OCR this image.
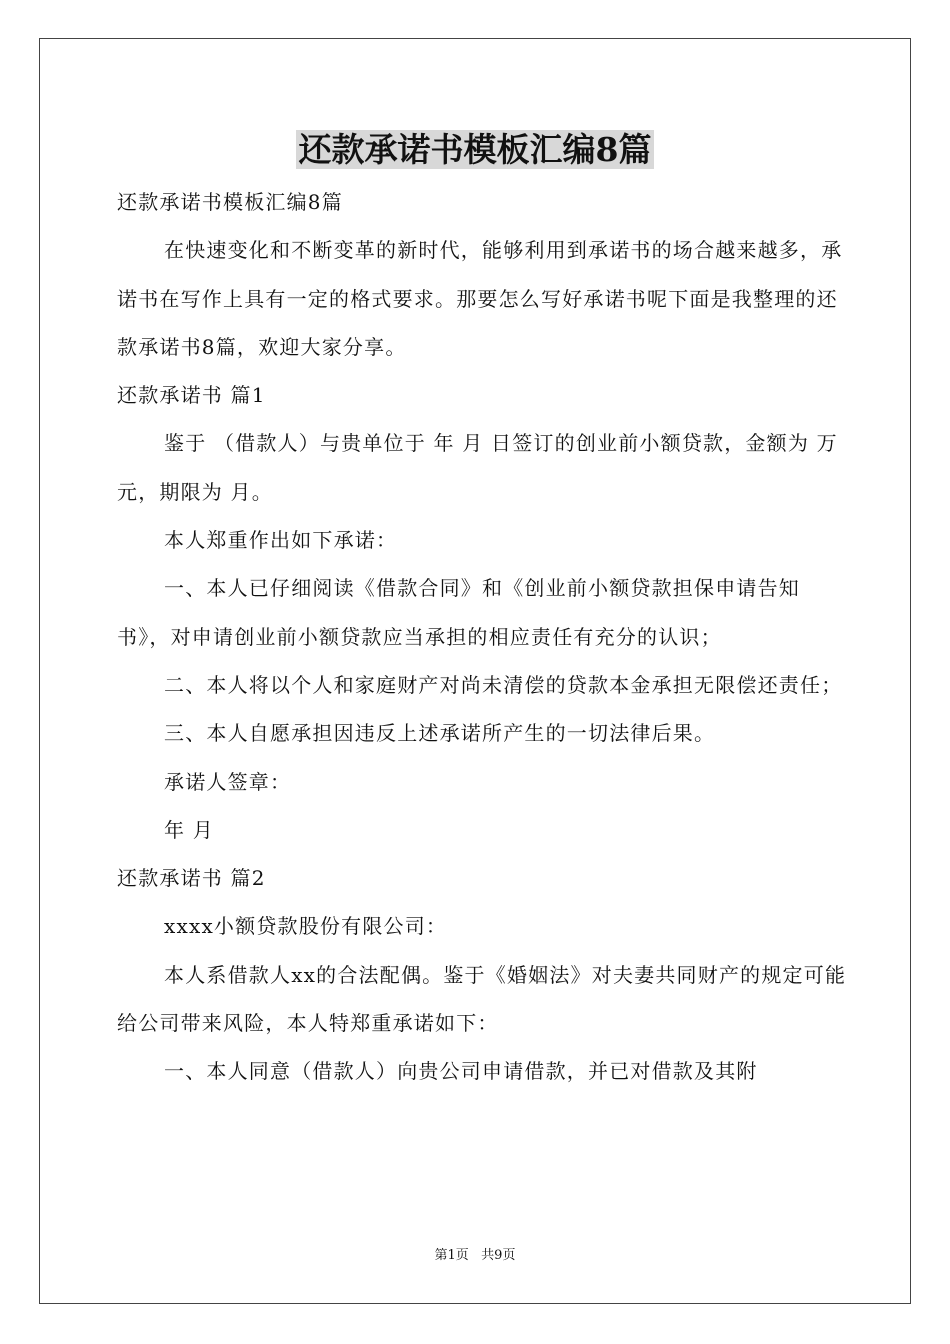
还款承诺书模板汇编8篇

还款承诺书模板汇编8篇

在快速变化和不断变革的新时代，能够利用到承诺书的场合越来越多，承诺书在写作上具有一定的格式要求。那要怎么写好承诺书呢下面是我整理的还款承诺书8篇，欢迎大家分享。

还款承诺书 篇1

鉴于 （借款人）与贵单位于 年 月 日签订的创业前小额贷款，金额为 万元，期限为 月。

本人郑重作出如下承诺：

一、本人已仔细阅读《借款合同》和《创业前小额贷款担保申请告知书》，对申请创业前小额贷款应当承担的相应责任有充分的认识；

二、本人将以个人和家庭财产对尚未清偿的贷款本金承担无限偿还责任；

三、本人自愿承担因违反上述承诺所产生的一切法律后果。

承诺人签章：

年 月

还款承诺书 篇2

xxxx小额贷款股份有限公司：

本人系借款人xx的合法配偶。鉴于《婚姻法》对夫妻共同财产的规定可能给公司带来风险，本人特郑重承诺如下：

一、本人同意（借款人）向贵公司申请借款，并已对借款及其附

第1页   共9页
